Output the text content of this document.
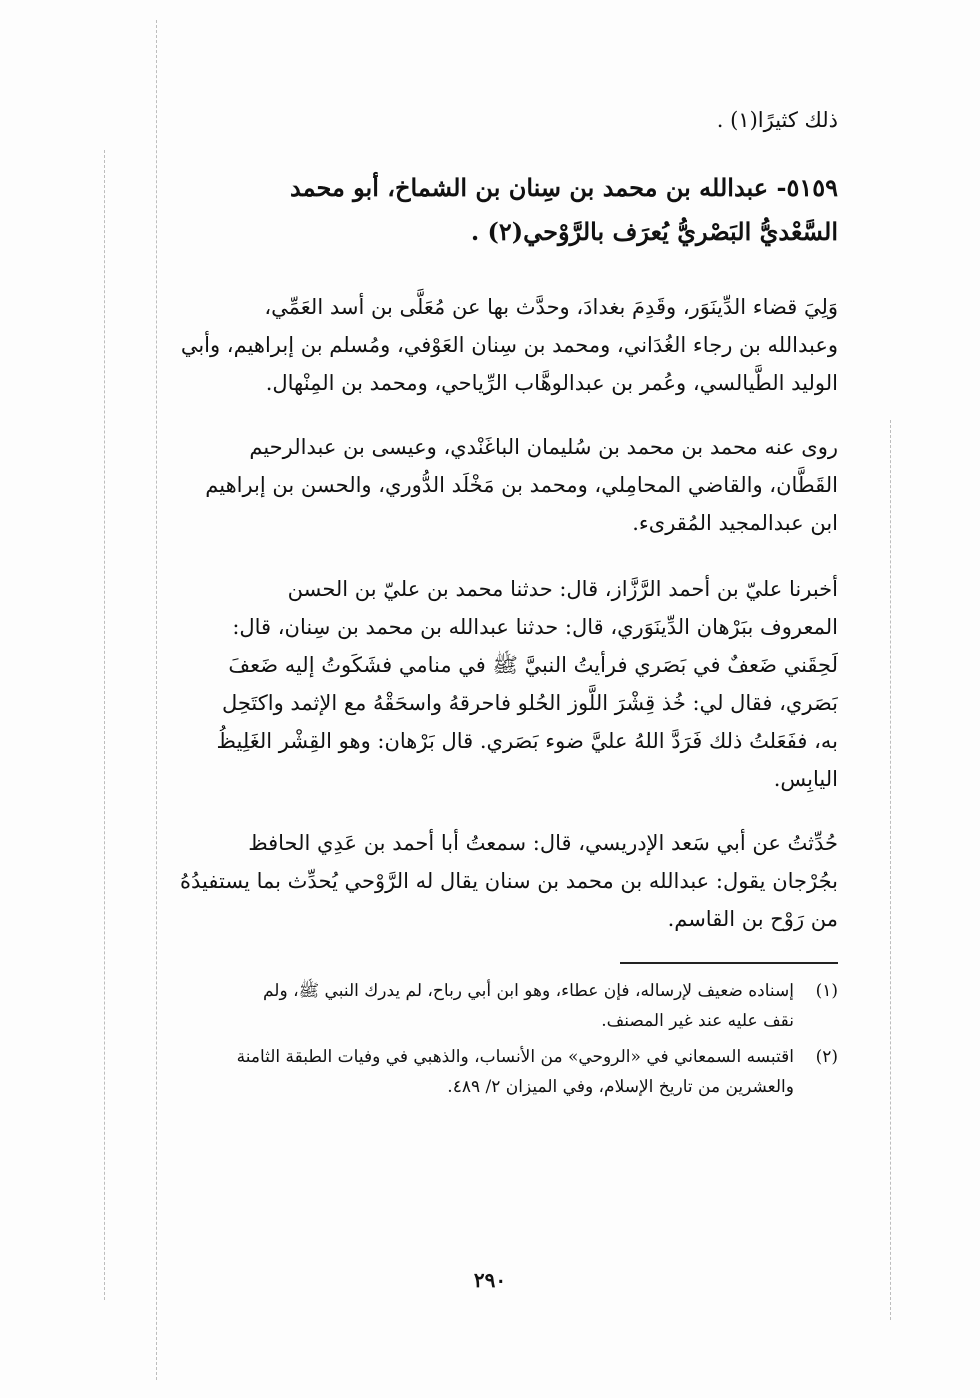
ذلك كثيرًا(١) .
٥١٥٩- عبدالله بن محمد بن سِنان بن الشماخ، أبو محمد
السَّعْديُّ البَصْريُّ يُعرَف بالرَّوْحي(٢) .
وَلِيَ قضاء الدِّينَوَر، وقَدِمَ بغدادَ، وحدَّث بها عن مُعَلَّى بن أسد العَمِّي،
وعبدالله بن رجاء الغُدَاني، ومحمد بن سِنان العَوْفي، ومُسلم بن إبراهيم، وأبي
الوليد الطَّيالسي، وعُمر بن عبدالوهَّاب الرِّياحي، ومحمد بن المِنْهال.
روى عنه محمد بن محمد بن سُليمان الباغَنْدي، وعيسى بن عبدالرحيم
القَطَّان، والقاضي المحامِلي، ومحمد بن مَخْلَد الدُّوري، والحسن بن إبراهيم
ابن عبدالمجيد المُقرىء.
أخبرنا عليّ بن أحمد الرَّزَّاز، قال: حدثنا محمد بن عليّ بن الحسن
المعروف ببَرْهان الدِّينَوَري، قال: حدثنا عبدالله بن محمد بن سِنان، قال:
لَحِقَني ضَعفٌ في بَصَري فرأيتُ النبيَّ ﷺ في منامي فشَكَوتُ إليه ضَعفَ
بَصَري، فقال لي: خُذ قِشْرَ اللَّوز الحُلو فاحرقهُ واسحَقْهُ مع الإثمد واكتَحِل
به، ففَعَلتُ ذلك فَرَدَّ اللهُ عليَّ ضوء بَصَري. قال بَرْهان: وهو القِشْر الغَلِيظُ
اليابِس.
حُدِّثتُ عن أبي سَعد الإدريسي، قال: سمعتُ أبا أحمد بن عَدِي الحافظ
بجُرْجان يقول: عبدالله بن محمد بن سنان يقال له الرَّوْحي يُحدِّث بما يستفيدُهُ
من رَوْح بن القاسم.
(١)
إسناده ضعيف لإرساله، فإن عطاء، وهو ابن أبي رباح، لم يدرك النبي ﷺ، ولم
نقف عليه عند غير المصنف.
(٢)
اقتبسه السمعاني في «الروحي» من الأنساب، والذهبي في وفيات الطبقة الثامنة
والعشرين من تاريخ الإسلام، وفي الميزان ٢/ ٤٨٩.
٢٩٠
